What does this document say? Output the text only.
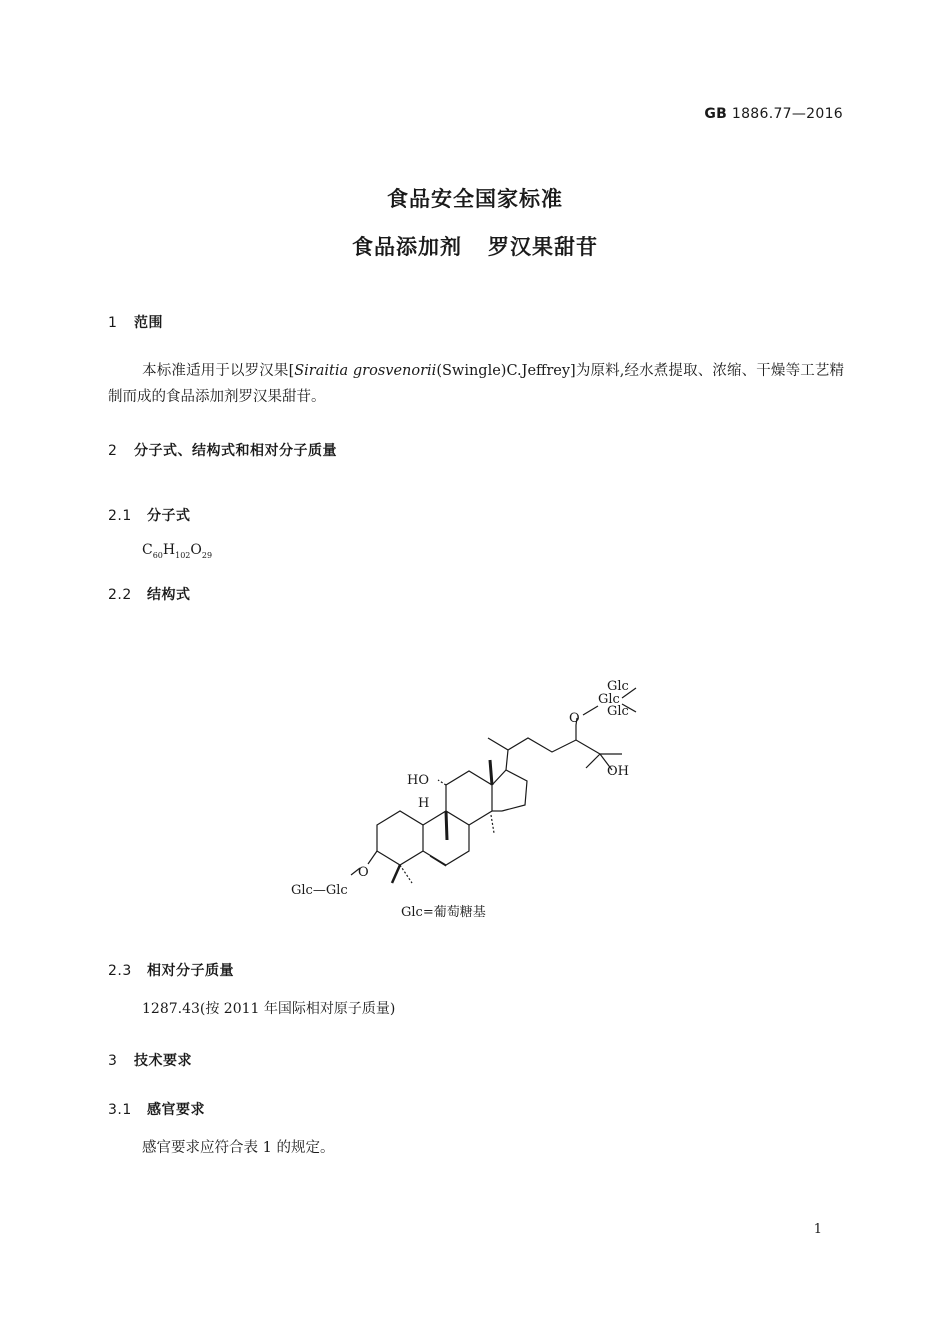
GB 1886.77—2016
食品安全国家标准
食品添加剂 罗汉果甜苷
1 范围
本标准适用于以罗汉果[Siraitia grosvenorii(Swingle)C.Jeffrey]为原料,经水煮提取、浓缩、干燥等工艺精制而成的食品添加剂罗汉果甜苷。
2 分子式、结构式和相对分子质量
2.1 分子式
$C_{60}H_{102}O_{29}$
2.2 结构式
Glc
Glc
Glc
O
OH
HO
H
O
Glc—Glc
Glc=葡萄糖基
2.3 相对分子质量
1287.43(按 2011 年国际相对原子质量)
3 技术要求
3.1 感官要求
感官要求应符合表 1 的规定。
1
